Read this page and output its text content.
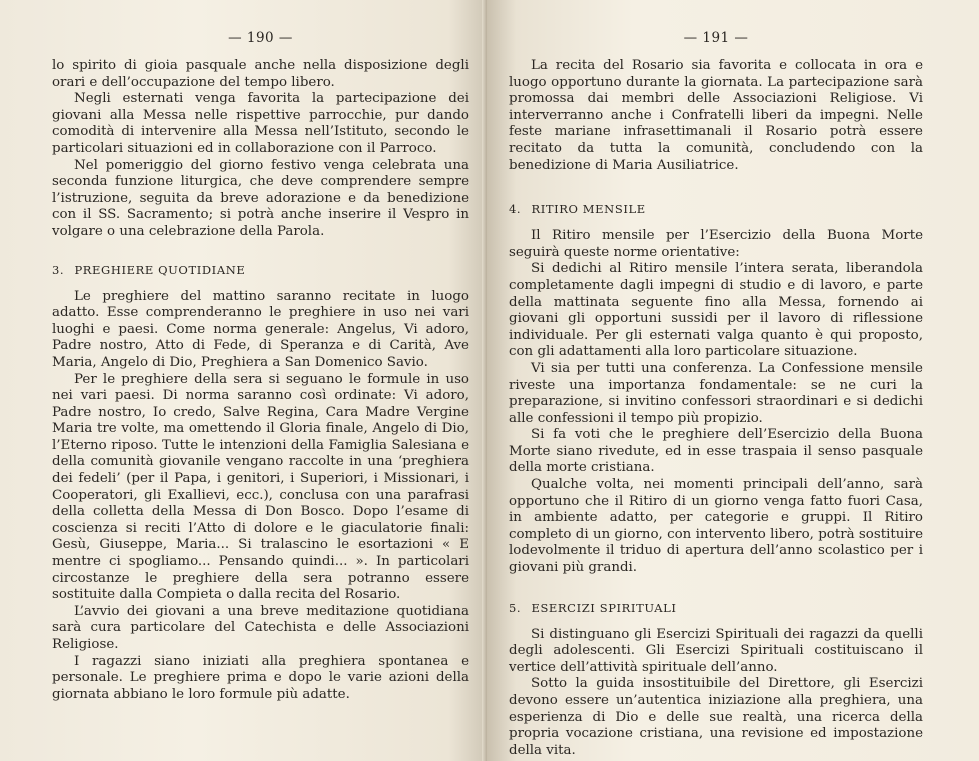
— 190 —

lo spirito di gioia pasquale anche nella disposizione degli orari e dell’occupazione del tempo libero.

Negli esternati venga favorita la partecipazione dei giovani alla Messa nelle rispettive parrocchie, pur dando comodità di intervenire alla Messa nell’Istituto, secondo le particolari situazioni ed in collaborazione con il Parroco.

Nel pomeriggio del giorno festivo venga celebrata una seconda funzione liturgica, che deve comprendere sempre l’istruzione, seguita da breve adorazione e da benedizione con il SS. Sacramento; si potrà anche inserire il Vespro in volgare o una celebrazione della Parola.

3. PREGHIERE QUOTIDIANE

Le preghiere del mattino saranno recitate in luogo adatto. Esse comprenderanno le preghiere in uso nei vari luoghi e paesi. Come norma generale: Angelus, Vi adoro, Padre nostro, Atto di Fede, di Speranza e di Carità, Ave Maria, Angelo di Dio, Preghiera a San Domenico Savio.

Per le preghiere della sera si seguano le formule in uso nei vari paesi. Di norma saranno così ordinate: Vi adoro, Padre nostro, Io credo, Salve Regina, Cara Madre Vergine Maria tre volte, ma omettendo il Gloria finale, Angelo di Dio, l’Eterno riposo. Tutte le intenzioni della Famiglia Salesiana e della comunità giovanile vengano raccolte in una ‘preghiera dei fedeli’ (per il Papa, i genitori, i Superiori, i Missionari, i Cooperatori, gli Exallievi, ecc.), conclusa con una parafrasi della colletta della Messa di Don Bosco. Dopo l’esame di coscienza si reciti l’Atto di dolore e le giaculatorie finali: Gesù, Giuseppe, Maria... Si tralascino le esortazioni « E mentre ci spogliamo... Pensando quindi... ». In particolari circostanze le preghiere della sera potranno essere sostituite dalla Compieta o dalla recita del Rosario.

L’avvio dei giovani a una breve meditazione quotidiana sarà cura particolare del Catechista e delle Associazioni Religiose.

I ragazzi siano iniziati alla preghiera spontanea e personale. Le preghiere prima e dopo le varie azioni della giornata abbiano le loro formule più adatte.

— 191 —

La recita del Rosario sia favorita e collocata in ora e luogo opportuno durante la giornata. La partecipazione sarà promossa dai membri delle Associazioni Religiose. Vi interverranno anche i Confratelli liberi da impegni. Nelle feste mariane infrasettimanali il Rosario potrà essere recitato da tutta la comunità, concludendo con la benedizione di Maria Ausiliatrice.

4. RITIRO MENSILE

Il Ritiro mensile per l’Esercizio della Buona Morte seguirà queste norme orientative:

Si dedichi al Ritiro mensile l’intera serata, liberandola completamente dagli impegni di studio e di lavoro, e parte della mattinata seguente fino alla Messa, fornendo ai giovani gli opportuni sussidi per il lavoro di riflessione individuale. Per gli esternati valga quanto è qui proposto, con gli adattamenti alla loro particolare situazione.

Vi sia per tutti una conferenza. La Confessione mensile riveste una importanza fondamentale: se ne curi la preparazione, si invitino confessori straordinari e si dedichi alle confessioni il tempo più propizio.

Si fa voti che le preghiere dell’Esercizio della Buona Morte siano rivedute, ed in esse traspaia il senso pasquale della morte cristiana.

Qualche volta, nei momenti principali dell’anno, sarà opportuno che il Ritiro di un giorno venga fatto fuori Casa, in ambiente adatto, per categorie e gruppi. Il Ritiro completo di un giorno, con intervento libero, potrà sostituire lodevolmente il triduo di apertura dell’anno scolastico per i giovani più grandi.

5. ESERCIZI SPIRITUALI

Si distinguano gli Esercizi Spirituali dei ragazzi da quelli degli adolescenti. Gli Esercizi Spirituali costituiscano il vertice dell’attività spirituale dell’anno.

Sotto la guida insostituibile del Direttore, gli Esercizi devono essere un’autentica iniziazione alla preghiera, una esperienza di Dio e delle sue realtà, una ricerca della propria vocazione cristiana, una revisione ed impostazione della vita.
